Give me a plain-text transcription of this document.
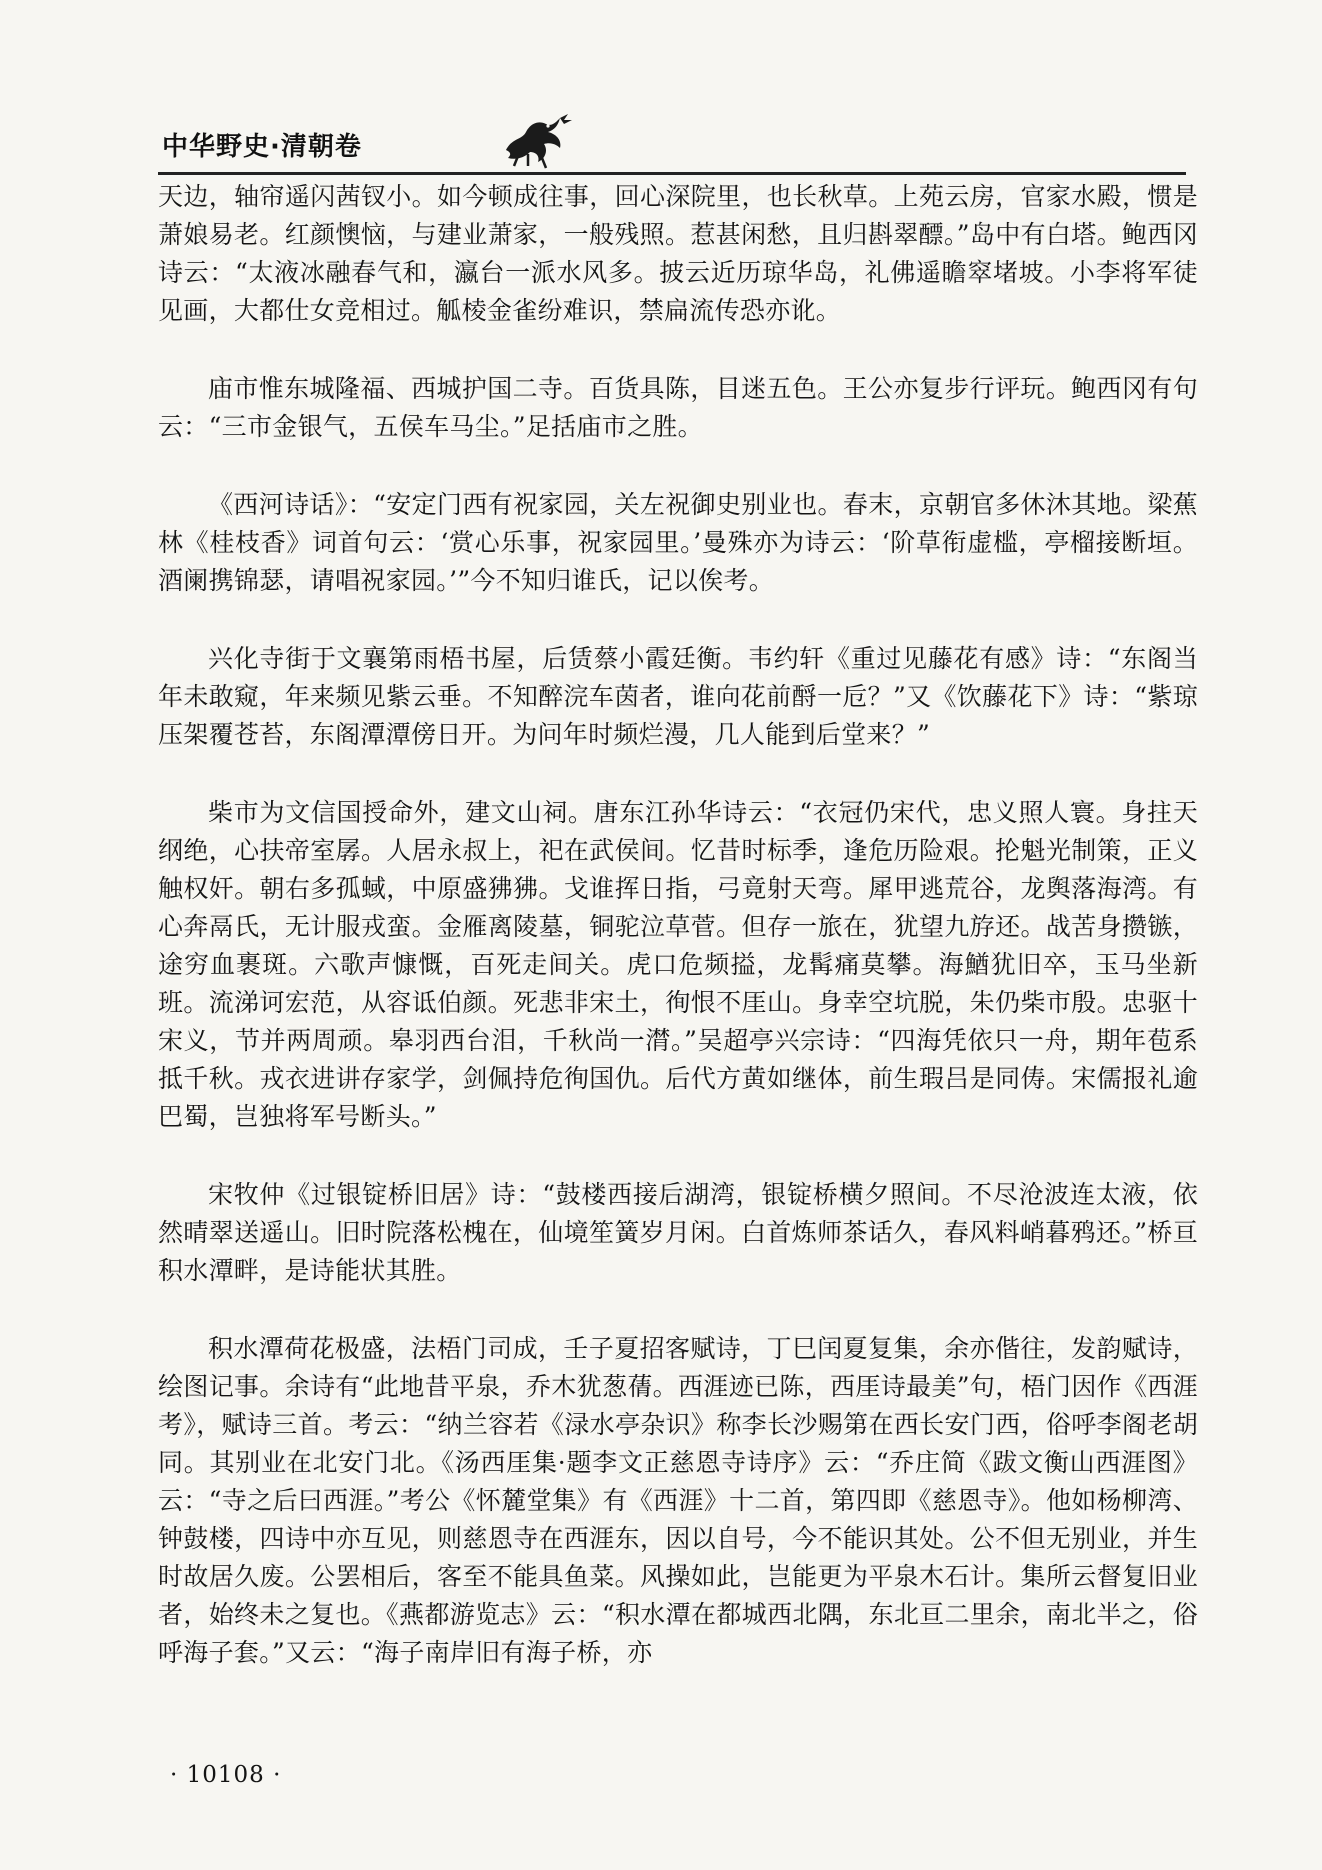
中华野史·清朝卷

天边，轴帘遥闪茜钗小。如今顿成往事，回心深院里，也长秋草。上苑云房，官家水殿，惯是萧娘易老。红颜懊恼，与建业萧家，一般残照。惹甚闲愁，且归斟翠醥。”岛中有白塔。鲍西冈诗云：“太液冰融春气和，瀛台一派水风多。披云近历琼华岛，礼佛遥瞻窣堵坡。小李将军徒见画，大都仕女竞相过。觚棱金雀纷难识，禁扁流传恐亦讹。

庙市惟东城隆福、西城护国二寺。百货具陈，目迷五色。王公亦复步行评玩。鲍西冈有句云：“三市金银气，五侯车马尘。”足括庙市之胜。

《西河诗话》：“安定门西有祝家园，关左祝御史别业也。春末，京朝官多休沐其地。梁蕉林《桂枝香》词首句云：‘赏心乐事，祝家园里。’曼殊亦为诗云：‘阶草衔虚槛，亭榴接断垣。酒阑携锦瑟，请唱祝家园。’”今不知归谁氏，记以俟考。

兴化寺街于文襄第雨梧书屋，后赁蔡小霞廷衡。韦约轩《重过见藤花有感》诗：“东阁当年未敢窥，年来频见紫云垂。不知醉浣车茵者，谁向花前酹一卮？”又《饮藤花下》诗：“紫琼压架覆苍苔，东阁潭潭傍日开。为问年时频烂漫，几人能到后堂来？”

柴市为文信国授命外，建文山祠。唐东江孙华诗云：“衣冠仍宋代，忠义照人寰。身拄天纲绝，心扶帝室孱。人居永叔上，祀在武侯间。忆昔时标季，逢危历险艰。抡魁光制策，正义触权奸。朝右多孤蜮，中原盛狒狒。戈谁挥日指，弓竟射天弯。犀甲逃荒谷，龙舆落海湾。有心奔鬲氏，无计服戎蛮。金雁离陵墓，铜驼泣草菅。但存一旅在，犹望九斿还。战苦身攒镞，途穷血裹斑。六歌声慷慨，百死走间关。虎口危频搤，龙髯痛莫攀。海鰌犹旧卒，玉马坐新班。流涕诃宏范，从容诋伯颜。死悲非宋土，徇恨不厓山。身幸空坑脱，朱仍柴市殷。忠驱十宋义，节并两周顽。皋羽西台泪，千秋尚一潸。”吴超亭兴宗诗：“四海凭依只一舟，期年苞系抵千秋。戎衣进讲存家学，剑佩持危徇国仇。后代方黄如继体，前生瑕吕是同俦。宋儒报礼逾巴蜀，岂独将军号断头。”

宋牧仲《过银锭桥旧居》诗：“鼓楼西接后湖湾，银锭桥横夕照间。不尽沧波连太液，依然晴翠送遥山。旧时院落松槐在，仙境笙簧岁月闲。白首炼师茶话久，春风料峭暮鸦还。”桥亘积水潭畔，是诗能状其胜。

积水潭荷花极盛，法梧门司成，壬子夏招客赋诗，丁巳闰夏复集，余亦偕往，发韵赋诗，绘图记事。余诗有“此地昔平泉，乔木犹葱蒨。西涯迹已陈，西厓诗最美”句，梧门因作《西涯考》，赋诗三首。考云：“纳兰容若《渌水亭杂识》称李长沙赐第在西长安门西，俗呼李阁老胡同。其别业在北安门北。《汤西厓集·题李文正慈恩寺诗序》云：“乔庄简《跋文衡山西涯图》云：“寺之后曰西涯。”考公《怀麓堂集》有《西涯》十二首，第四即《慈恩寺》。他如杨柳湾、钟鼓楼，四诗中亦互见，则慈恩寺在西涯东，因以自号，今不能识其处。公不但无别业，并生时故居久废。公罢相后，客至不能具鱼菜。风操如此，岂能更为平泉木石计。集所云督复旧业者，始终未之复也。《燕都游览志》云：“积水潭在都城西北隅，东北亘二里余，南北半之，俗呼海子套。”又云：“海子南岸旧有海子桥，亦

· 10108 ·
